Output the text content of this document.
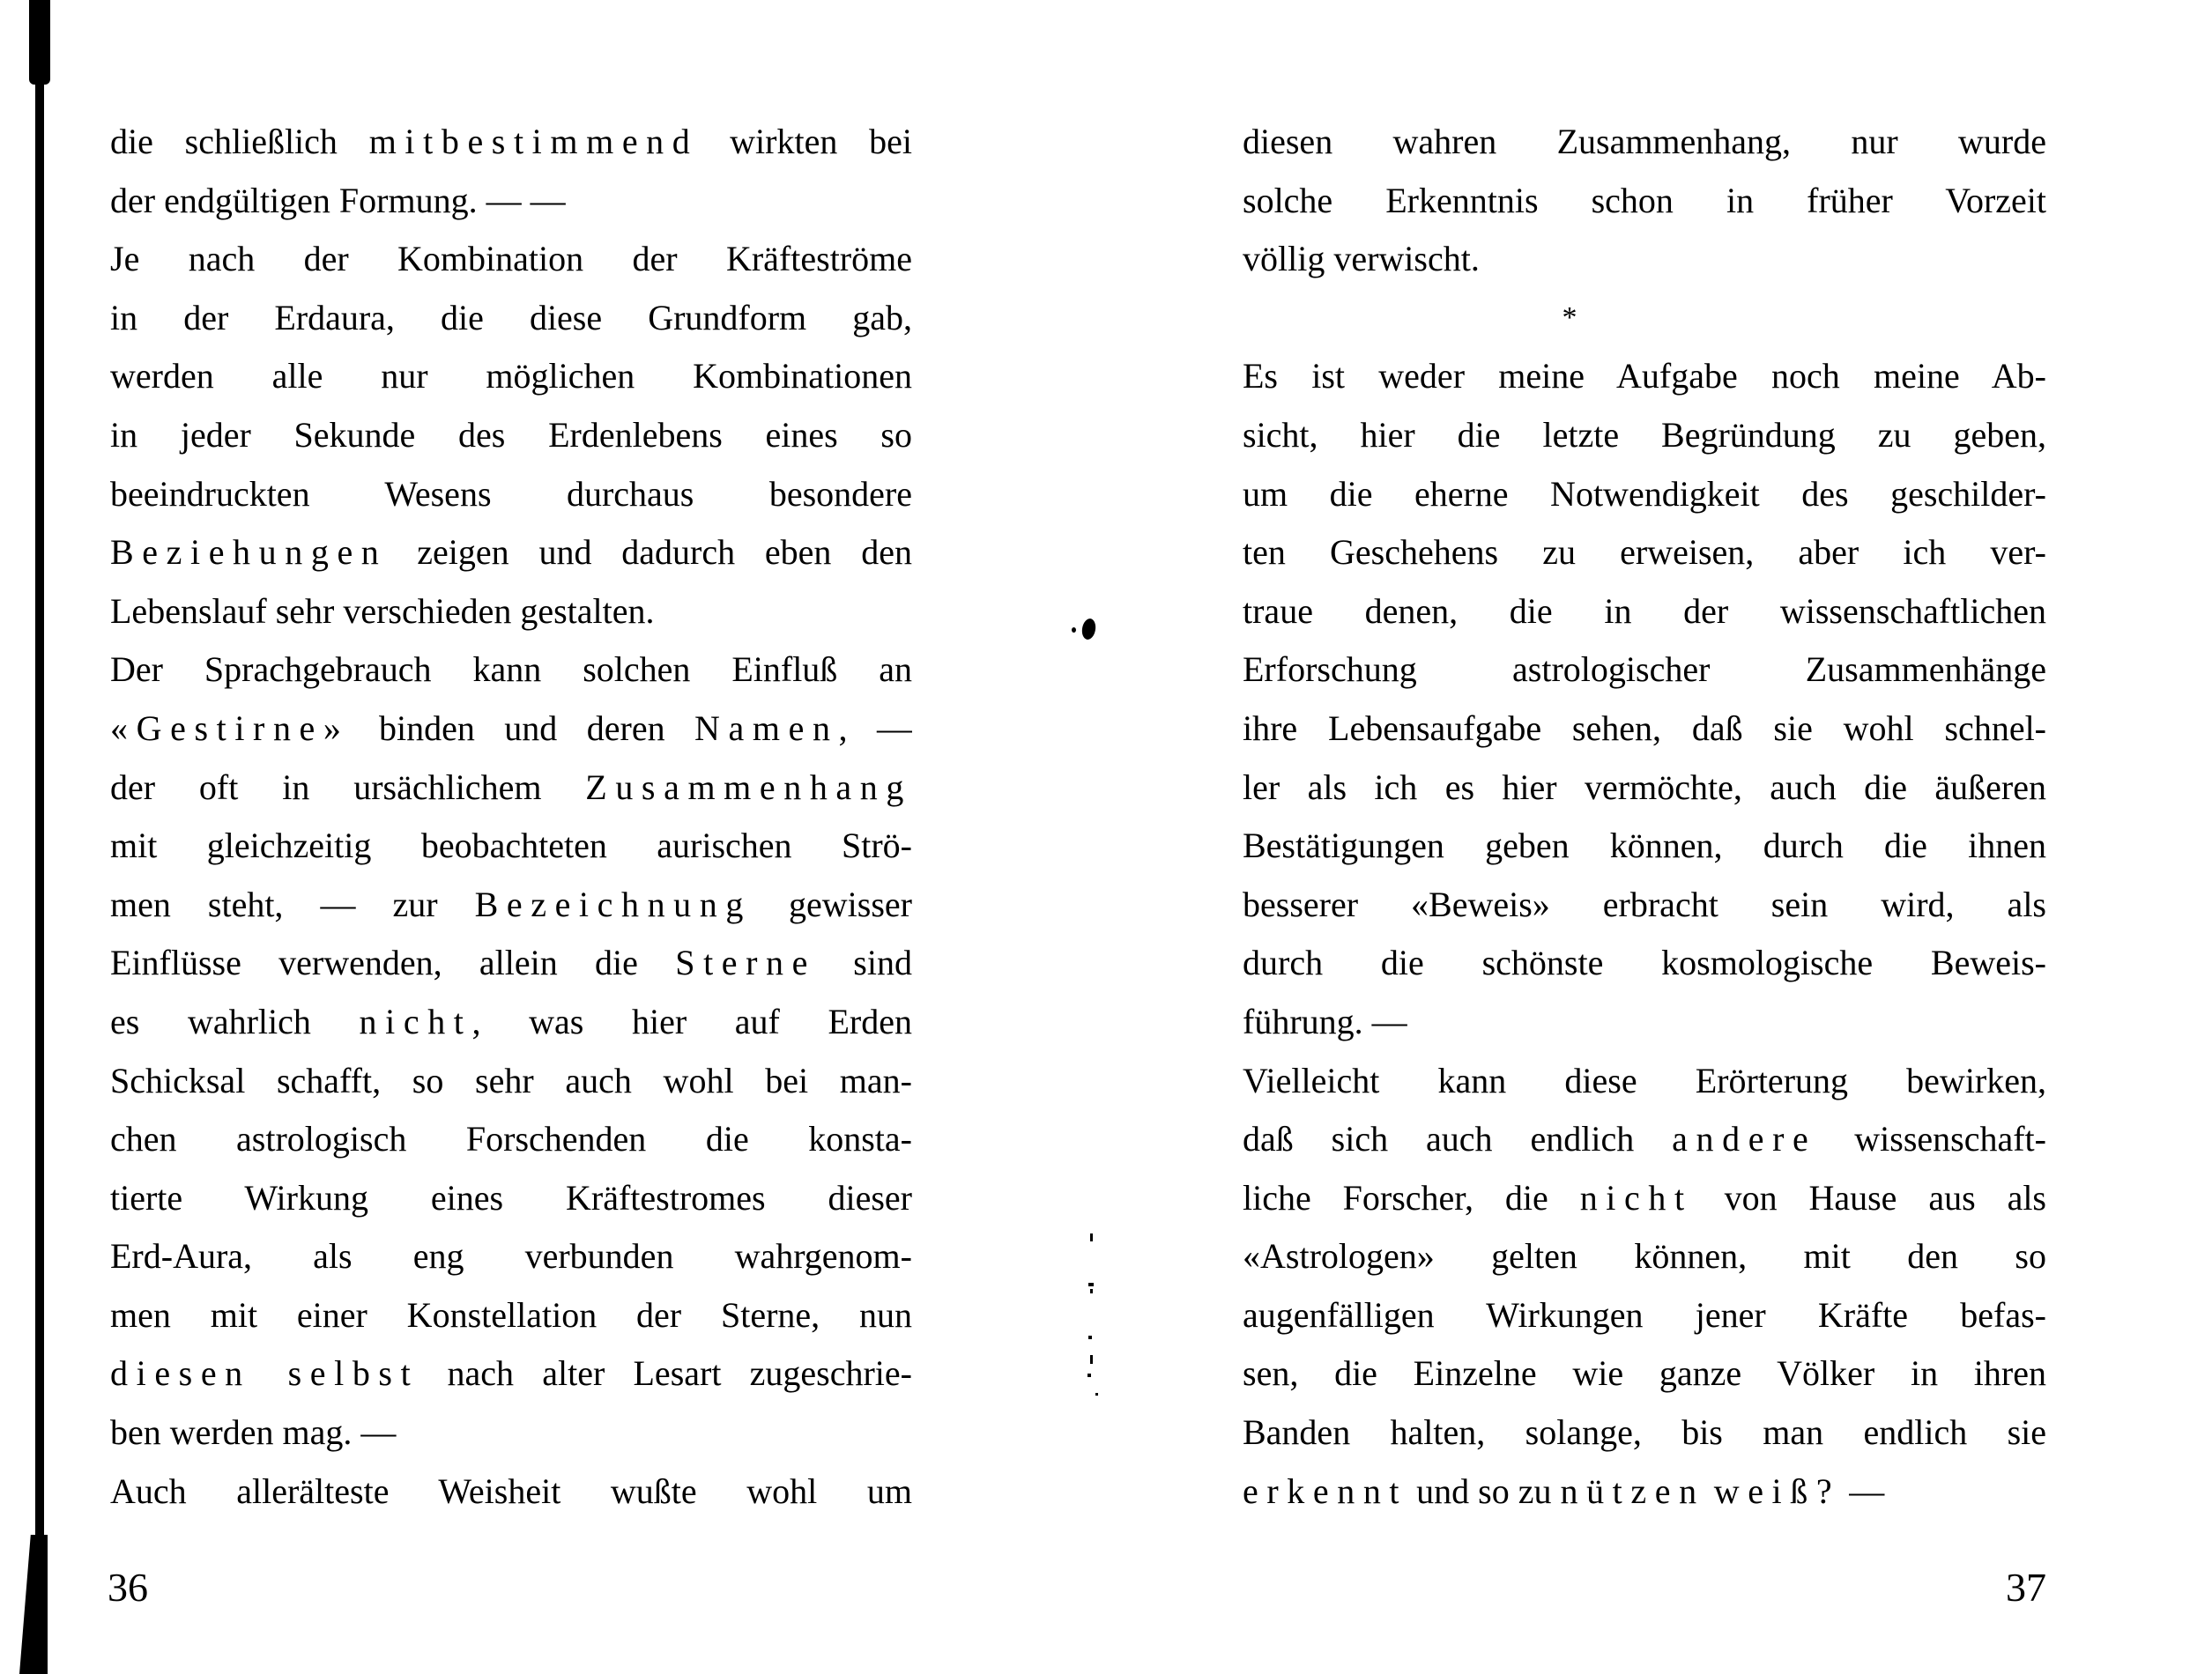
die schließlich mitbestimmend wirkten bei
der endgültigen Formung. — —
Je nach der Kombination der Kräfteströme
in der Erdaura, die diese Grundform gab,
werden alle nur möglichen Kombinationen
in jeder Sekunde des Erdenlebens eines so
beeindruckten Wesens durchaus besondere
Beziehungen zeigen und dadurch eben den
Lebenslauf sehr verschieden gestalten.
Der Sprachgebrauch kann solchen Einfluß an
«Gestirne» binden und deren Namen, —
der oft in ursächlichem Zusammenhang
mit gleichzeitig beobachteten aurischen Strö-
men steht, — zur Bezeichnung gewisser
Einflüsse verwenden, allein die Sterne sind
es wahrlich nicht, was hier auf Erden
Schicksal schafft, so sehr auch wohl bei man-
chen astrologisch Forschenden die konsta-
tierte Wirkung eines Kräftestromes dieser
Erd-Aura, als eng verbunden wahrgenom-
men mit einer Konstellation der Sterne, nun
diesen selbst nach alter Lesart zugeschrie-
ben werden mag. —
Auch allerälteste Weisheit wußte wohl um
diesen wahren Zusammenhang, nur wurde
solche Erkenntnis schon in früher Vorzeit
völlig verwischt.
*
Es ist weder meine Aufgabe noch meine Ab-
sicht, hier die letzte Begründung zu geben,
um die eherne Notwendigkeit des geschilder-
ten Geschehens zu erweisen, aber ich ver-
traue denen, die in der wissenschaftlichen
Erforschung astrologischer Zusammenhänge
ihre Lebensaufgabe sehen, daß sie wohl schnel-
ler als ich es hier vermöchte, auch die äußeren
Bestätigungen geben können, durch die ihnen
besserer «Beweis» erbracht sein wird, als
durch die schönste kosmologische Beweis-
führung. —
Vielleicht kann diese Erörterung bewirken,
daß sich auch endlich andere wissenschaft-
liche Forscher, die nicht von Hause aus als
«Astrologen» gelten können, mit den so
augenfälligen Wirkungen jener Kräfte befas-
sen, die Einzelne wie ganze Völker in ihren
Banden halten, solange, bis man endlich sie
erkennt und so zu nützen weiß? —
36	37
